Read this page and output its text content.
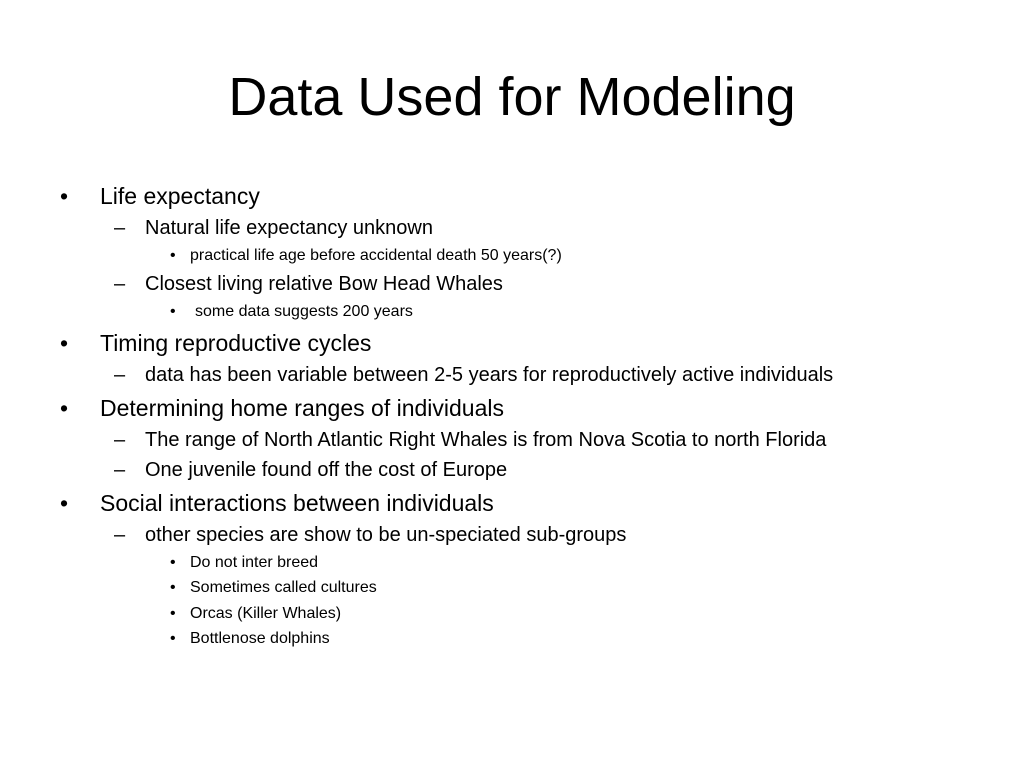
Data Used for Modeling
• Life expectancy
– Natural life expectancy unknown
• practical life age before accidental death 50 years(?)
– Closest living relative Bow Head Whales
• some data suggests 200 years
• Timing reproductive cycles
– data has been variable between 2-5 years for reproductively active individuals
• Determining home ranges of individuals
– The range of North Atlantic Right Whales is from Nova Scotia to north Florida
– One juvenile found off the cost of Europe
• Social interactions between individuals
– other species are show to be un-speciated sub-groups
• Do not inter breed
• Sometimes called cultures
• Orcas (Killer Whales)
• Bottlenose dolphins
